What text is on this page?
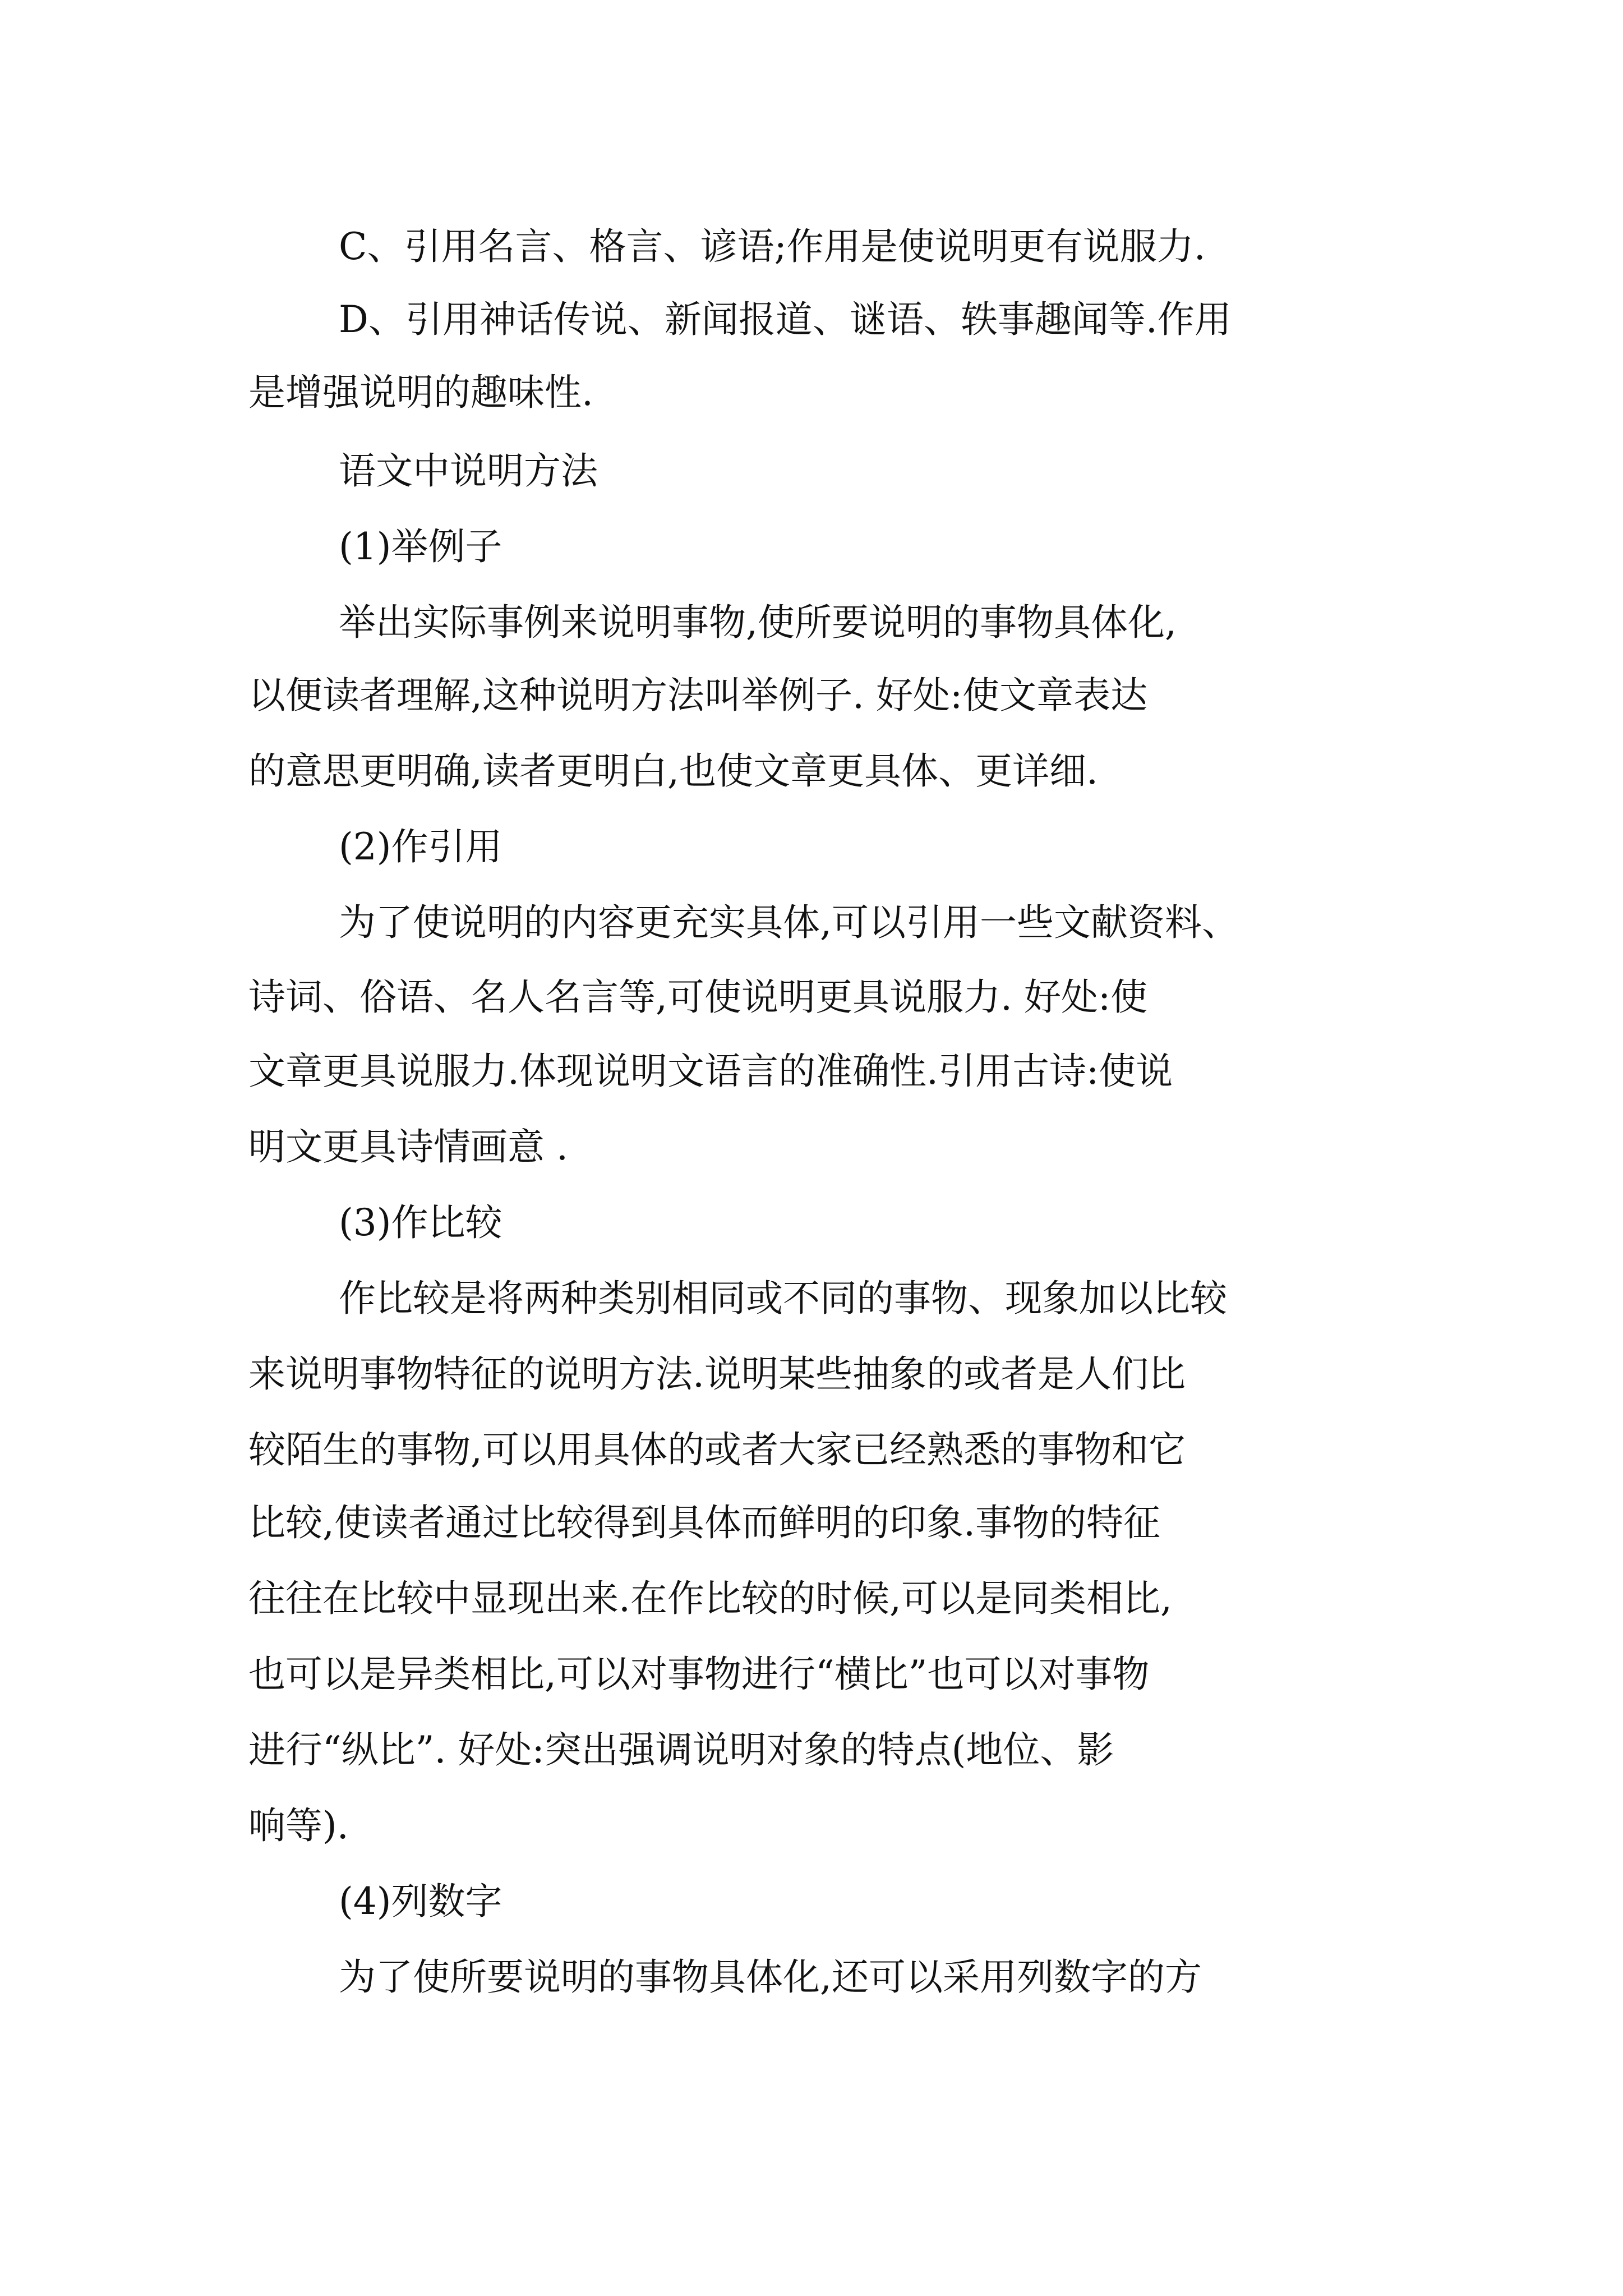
C、引用名言、格言、谚语;作用是使说明更有说服力.

D、引用神话传说、新闻报道、谜语、轶事趣闻等.作用

是增强说明的趣味性.

语文中说明方法

(1)举例子

举出实际事例来说明事物,使所要说明的事物具体化,

以便读者理解,这种说明方法叫举例子. 好处:使文章表达

的意思更明确,读者更明白,也使文章更具体、更详细.

(2)作引用

为了使说明的内容更充实具体,可以引用一些文献资料、

诗词、俗语、名人名言等,可使说明更具说服力. 好处:使

文章更具说服力.体现说明文语言的准确性.引用古诗:使说

明文更具诗情画意 .

(3)作比较

作比较是将两种类别相同或不同的事物、现象加以比较

来说明事物特征的说明方法.说明某些抽象的或者是人们比

较陌生的事物,可以用具体的或者大家已经熟悉的事物和它

比较,使读者通过比较得到具体而鲜明的印象.事物的特征

往往在比较中显现出来.在作比较的时候,可以是同类相比,

也可以是异类相比,可以对事物进行“横比”也可以对事物

进行“纵比”. 好处:突出强调说明对象的特点(地位、影

响等).

(4)列数字

为了使所要说明的事物具体化,还可以采用列数字的方
